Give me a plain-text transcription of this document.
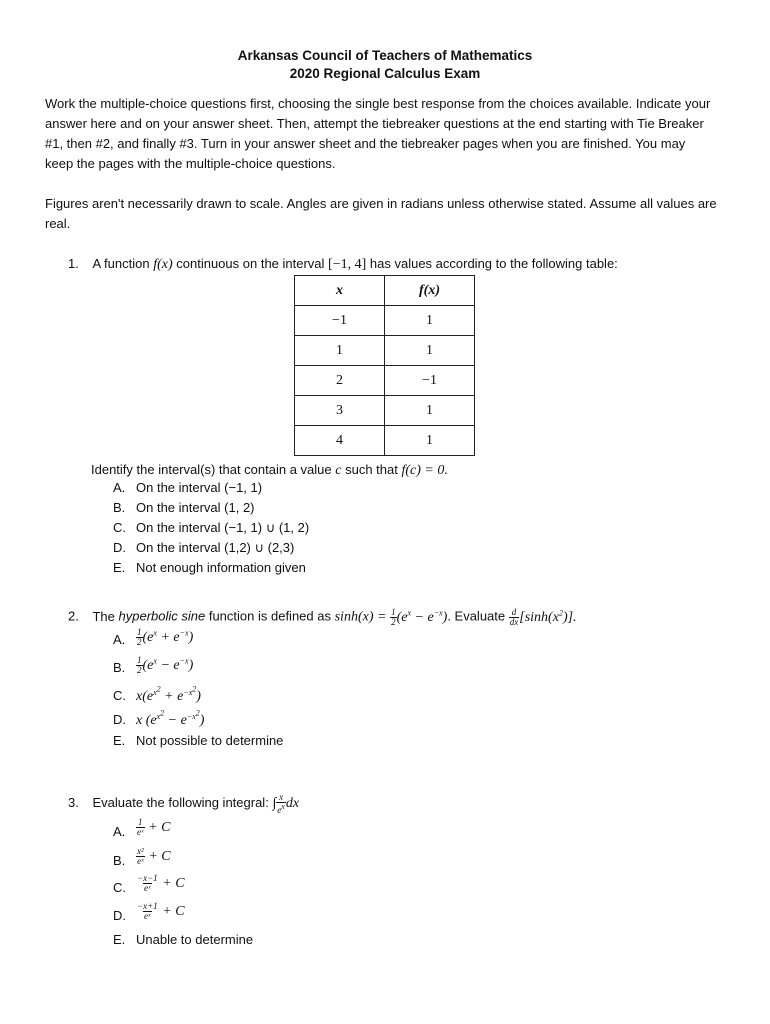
Arkansas Council of Teachers of Mathematics
2020 Regional Calculus Exam
Work the multiple-choice questions first, choosing the single best response from the choices available. Indicate your answer here and on your answer sheet. Then, attempt the tiebreaker questions at the end starting with Tie Breaker #1, then #2, and finally #3. Turn in your answer sheet and the tiebreaker pages when you are finished. You may keep the pages with the multiple-choice questions.
Figures aren't necessarily drawn to scale. Angles are given in radians unless otherwise stated. Assume all values are real.
1. A function f(x) continuous on the interval [−1, 4] has values according to the following table:
x	f(x)
−1	1
1	1
2	−1
3	1
4	1
Identify the interval(s) that contain a value c such that f(c) = 0.
A. On the interval (−1, 1)
B. On the interval (1, 2)
C. On the interval (−1, 1) ∪ (1, 2)
D. On the interval (1,2) ∪ (2,3)
E. Not enough information given
2. The hyperbolic sine function is defined as $\sinh(x) = \frac{1}{2} (e^x - e^{-x})$. Evaluate $\frac{d}{dx} [\sinh(x^2)]$.
A. $\frac{1}{2} (e^x + e^{-x})$
B. $\frac{1}{2} (e^x - e^{-x})$
C. $x(e^{x^2} + e^{-x^2})$
D. x $(e^{x^2} - e^{-x^2})$
E. Not possible to determine
3. Evaluate the following integral: ∫ $\frac{x}{e^x}$ dx
A. $\frac{1}{\text{eˣ}} + C$
B. $\frac{\text{x²}}{\text{eˣ}} + C$
C. $\frac{-x-1}{\text{eˣ}} + C$
D. $\frac{-x+1}{\text{eˣ}} + C$
E. Unable to determine
